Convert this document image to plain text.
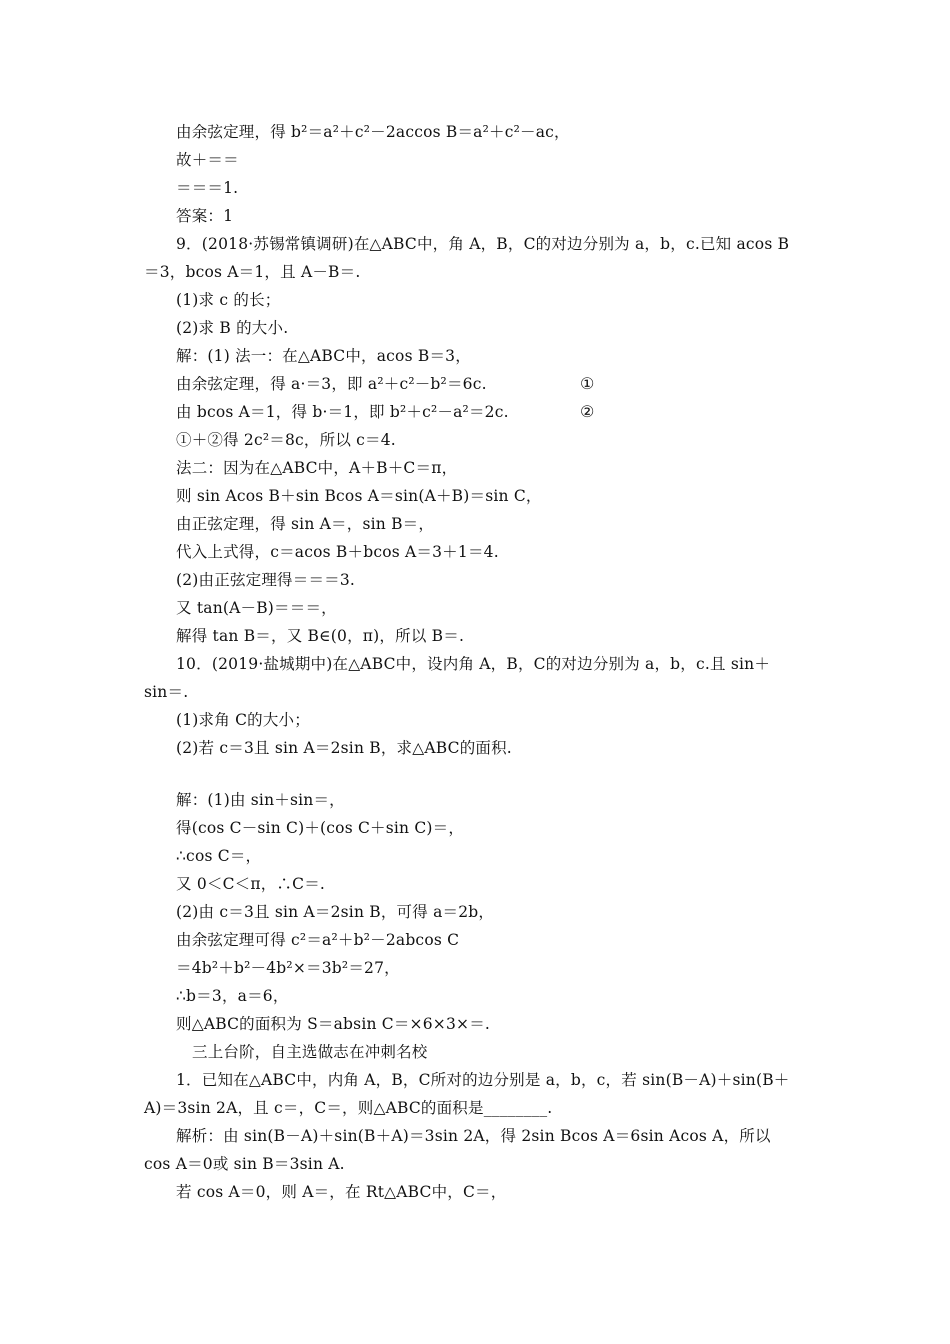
由余弦定理，得 b²＝a²＋c²－2accos B＝a²＋c²－ac，
故＋＝＝
＝＝＝1.
答案：1
9．(2018·苏锡常镇调研)在△ABC中，角 A，B，C的对边分别为 a，b，c.已知 acos B
＝3，bcos A＝1，且 A－B＝.
(1)求 c 的长；
(2)求 B 的大小.
解：(1) 法一：在△ABC中，acos B＝3，
由余弦定理，得 a·＝3，即 a²＋c²－b²＝6c.	①
由 bcos A＝1，得 b·＝1，即 b²＋c²－a²＝2c.	②
①＋②得 2c²＝8c，所以 c＝4.
法二：因为在△ABC中，A＋B＋C＝π，
则 sin Acos B＋sin Bcos A＝sin(A＋B)＝sin C，
由正弦定理，得 sin A＝，sin B＝，
代入上式得，c＝acos B＋bcos A＝3＋1＝4.
(2)由正弦定理得＝＝＝3.
又 tan(A－B)＝＝＝，
解得 tan B＝，又 B∈(0，π)，所以 B＝.
10．(2019·盐城期中)在△ABC中，设内角 A，B，C的对边分别为 a，b，c.且 sin＋
sin＝.
(1)求角 C的大小；
(2)若 c＝3且 sin A＝2sin B，求△ABC的面积.
解：(1)由 sin＋sin＝，
得(cos C－sin C)＋(cos C＋sin C)＝，
∴cos C＝，
又 0＜C＜π，∴C＝.
(2)由 c＝3且 sin A＝2sin B，可得 a＝2b，
由余弦定理可得 c²＝a²＋b²－2abcos C
＝4b²＋b²－4b²×＝3b²＝27，
∴b＝3，a＝6，
则△ABC的面积为 S＝absin C＝×6×3×＝.
三上台阶，自主选做志在冲刺名校
1．已知在△ABC中，内角 A，B，C所对的边分别是 a，b，c，若 sin(B－A)＋sin(B＋
A)＝3sin 2A，且 c＝，C＝，则△ABC的面积是________.
解析：由 sin(B－A)＋sin(B＋A)＝3sin 2A，得 2sin Bcos A＝6sin Acos A，所以
cos A＝0或 sin B＝3sin A.
若 cos A＝0，则 A＝，在 Rt△ABC中，C＝，
